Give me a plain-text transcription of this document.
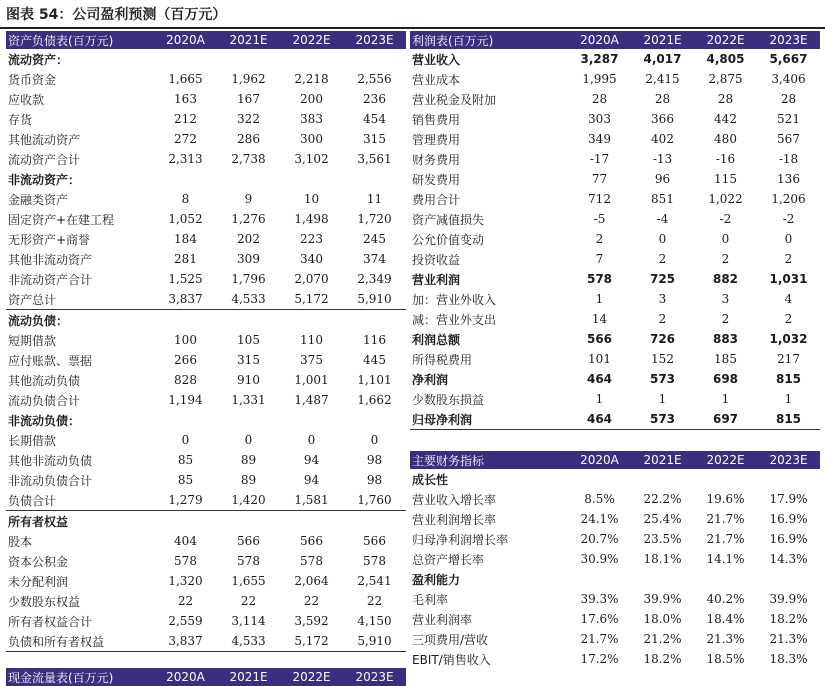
图表 54：公司盈利预测（百万元）
资产负债表(百万元)	2020A	2021E	2022E	2023E
流动资产：				
货币资金	1,665	1,962	2,218	2,556
应收款	163	167	200	236
存货	212	322	383	454
其他流动资产	272	286	300	315
流动资产合计	2,313	2,738	3,102	3,561
非流动资产：				
金融类资产	8	9	10	11
固定资产+在建工程	1,052	1,276	1,498	1,720
无形资产+商誉	184	202	223	245
其他非流动资产	281	309	340	374
非流动资产合计	1,525	1,796	2,070	2,349
资产总计	3,837	4,533	5,172	5,910
流动负债：				
短期借款	100	105	110	116
应付账款、票据	266	315	375	445
其他流动负债	828	910	1,001	1,101
流动负债合计	1,194	1,331	1,487	1,662
非流动负债：				
长期借款	0	0	0	0
其他非流动负债	85	89	94	98
非流动负债合计	85	89	94	98
负债合计	1,279	1,420	1,581	1,760
所有者权益				
股本	404	566	566	566
资本公积金	578	578	578	578
未分配利润	1,320	1,655	2,064	2,541
少数股东权益	22	22	22	22
所有者权益合计	2,559	3,114	3,592	4,150
负债和所有者权益	3,837	4,533	5,172	5,910
利润表(百万元)	2020A	2021E	2022E	2023E
营业收入	3,287	4,017	4,805	5,667
营业成本	1,995	2,415	2,875	3,406
营业税金及附加	28	28	28	28
销售费用	303	366	442	521
管理费用	349	402	480	567
财务费用	-17	-13	-16	-18
研发费用	77	96	115	136
费用合计	712	851	1,022	1,206
资产减值损失	-5	-4	-2	-2
公允价值变动	2	0	0	0
投资收益	7	2	2	2
营业利润	578	725	882	1,031
加：营业外收入	1	3	3	4
减：营业外支出	14	2	2	2
利润总额	566	726	883	1,032
所得税费用	101	152	185	217
净利润	464	573	698	815
少数股东损益	1	1	1	1
归母净利润	464	573	697	815
主要财务指标	2020A	2021E	2022E	2023E
成长性				
营业收入增长率	8.5%	22.2%	19.6%	17.9%
营业利润增长率	24.1%	25.4%	21.7%	16.9%
归母净利润增长率	20.7%	23.5%	21.7%	16.9%
总资产增长率	30.9%	18.1%	14.1%	14.3%
盈利能力				
毛利率	39.3%	39.9%	40.2%	39.9%
营业利润率	17.6%	18.0%	18.4%	18.2%
三项费用/营收	21.7%	21.2%	21.3%	21.3%
EBIT/销售收入	17.2%	18.2%	18.5%	18.3%
现金流量表(百万元)	2020A	2021E	2022E	2023E
